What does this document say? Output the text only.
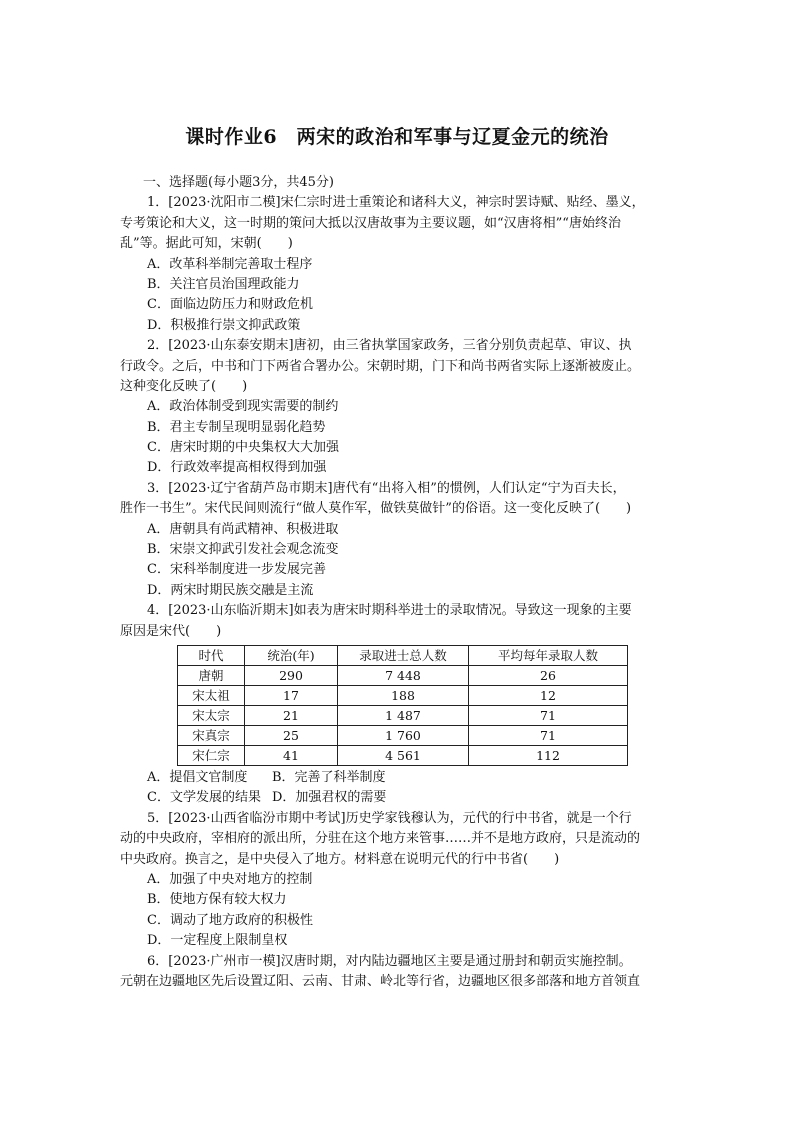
课时作业6　两宋的政治和军事与辽夏金元的统治
一、选择题(每小题3分，共45分)
1．[2023·沈阳市二模]宋仁宗时进士重策论和诸科大义，神宗时罢诗赋、贴经、墨义，
专考策论和大义，这一时期的策问大抵以汉唐故事为主要议题，如“汉唐将相”“唐始终治
乱”等。据此可知，宋朝(　　)
A．改革科举制完善取士程序
B．关注官员治国理政能力
C．面临边防压力和财政危机
D．积极推行崇文抑武政策
2．[2023·山东泰安期末]唐初，由三省执掌国家政务，三省分别负责起草、审议、执
行政令。之后，中书和门下两省合署办公。宋朝时期，门下和尚书两省实际上逐渐被废止。
这种变化反映了(　　)
A．政治体制受到现实需要的制约
B．君主专制呈现明显弱化趋势
C．唐宋时期的中央集权大大加强
D．行政效率提高相权得到加强
3．[2023·辽宁省葫芦岛市期末]唐代有“出将入相”的惯例，人们认定“宁为百夫长，
胜作一书生”。宋代民间则流行“做人莫作军，做铁莫做针”的俗语。这一变化反映了(　　)
A．唐朝具有尚武精神、积极进取
B．宋崇文抑武引发社会观念流变
C．宋科举制度进一步发展完善
D．两宋时期民族交融是主流
4．[2023·山东临沂期末]如表为唐宋时期科举进士的录取情况。导致这一现象的主要
原因是宋代(　　)
时代	统治(年)	录取进士总人数	平均每年录取人数
唐朝	290	7 448	26
宋太祖	17	188	12
宋太宗	21	1 487	71
宋真宗	25	1 760	71
宋仁宗	41	4 561	112
A．提倡文官制度	B．完善了科举制度
C．文学发展的结果 D．加强君权的需要
5．[2023·山西省临汾市期中考试]历史学家钱穆认为，元代的行中书省，就是一个行
动的中央政府，宰相府的派出所，分驻在这个地方来管事……并不是地方政府，只是流动的
中央政府。换言之，是中央侵入了地方。材料意在说明元代的行中书省(　　)
A．加强了中央对地方的控制
B．使地方保有较大权力
C．调动了地方政府的积极性
D．一定程度上限制皇权
6．[2023·广州市一模]汉唐时期，对内陆边疆地区主要是通过册封和朝贡实施控制。
元朝在边疆地区先后设置辽阳、云南、甘肃、岭北等行省，边疆地区很多部落和地方首领直
